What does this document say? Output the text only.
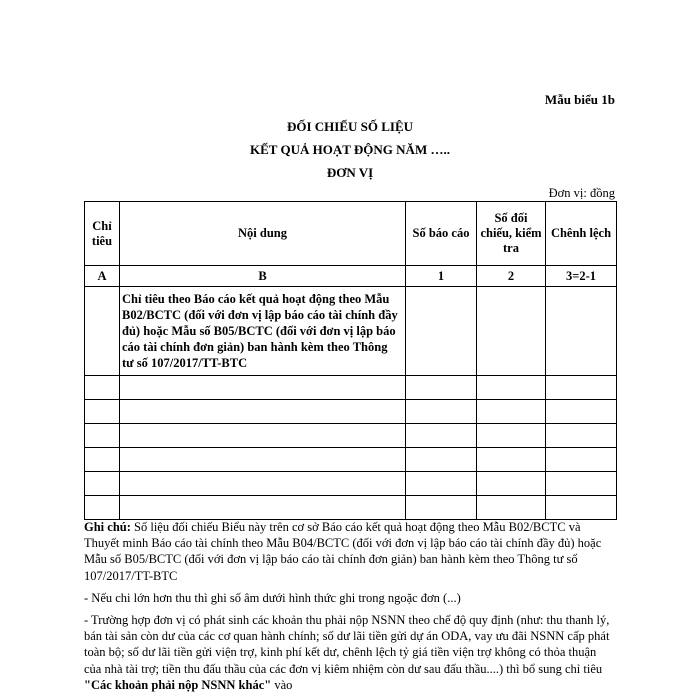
Mẫu biểu 1b
ĐỐI CHIẾU SỐ LIỆU
KẾT QUẢ HOẠT ĐỘNG NĂM …..
ĐƠN VỊ
Đơn vị: đồng
Chỉ tiêu	Nội dung	Số báo cáo	Số đối chiếu, kiểm tra	Chênh lệch
A	B	1	2	3=2-1
	Chỉ tiêu theo Báo cáo kết quả hoạt động theo Mẫu B02/BCTC (đối với đơn vị lập báo cáo tài chính đầy đủ) hoặc Mẫu số B05/BCTC (đối với đơn vị lập báo cáo tài chính đơn giản) ban hành kèm theo Thông tư số 107/2017/TT-BTC			

Ghi chú: Số liệu đối chiếu Biểu này trên cơ sở Báo cáo kết quả hoạt động theo Mẫu B02/BCTC và Thuyết minh Báo cáo tài chính theo Mẫu B04/BCTC (đối với đơn vị lập báo cáo tài chính đầy đủ) hoặc Mẫu số B05/BCTC (đối với đơn vị lập báo cáo tài chính đơn giản) ban hành kèm theo Thông tư số 107/2017/TT-BTC

- Nếu chi lớn hơn thu thì ghi số âm dưới hình thức ghi trong ngoặc đơn (...)

- Trường hợp đơn vị có phát sinh các khoản thu phải nộp NSNN theo chế độ quy định (như: thu thanh lý, bán tài sản còn dư của các cơ quan hành chính; số dư lãi tiền gửi dự án ODA, vay ưu đãi NSNN cấp phát toàn bộ; số dư lãi tiền gửi viện trợ, kinh phí kết dư, chênh lệch tỷ giá tiền viện trợ không có thỏa thuận của nhà tài trợ; tiền thu đấu thầu của các đơn vị kiêm nhiệm còn dư sau đấu thầu....) thì bổ sung chỉ tiêu "Các khoản phải nộp NSNN khác" vào
